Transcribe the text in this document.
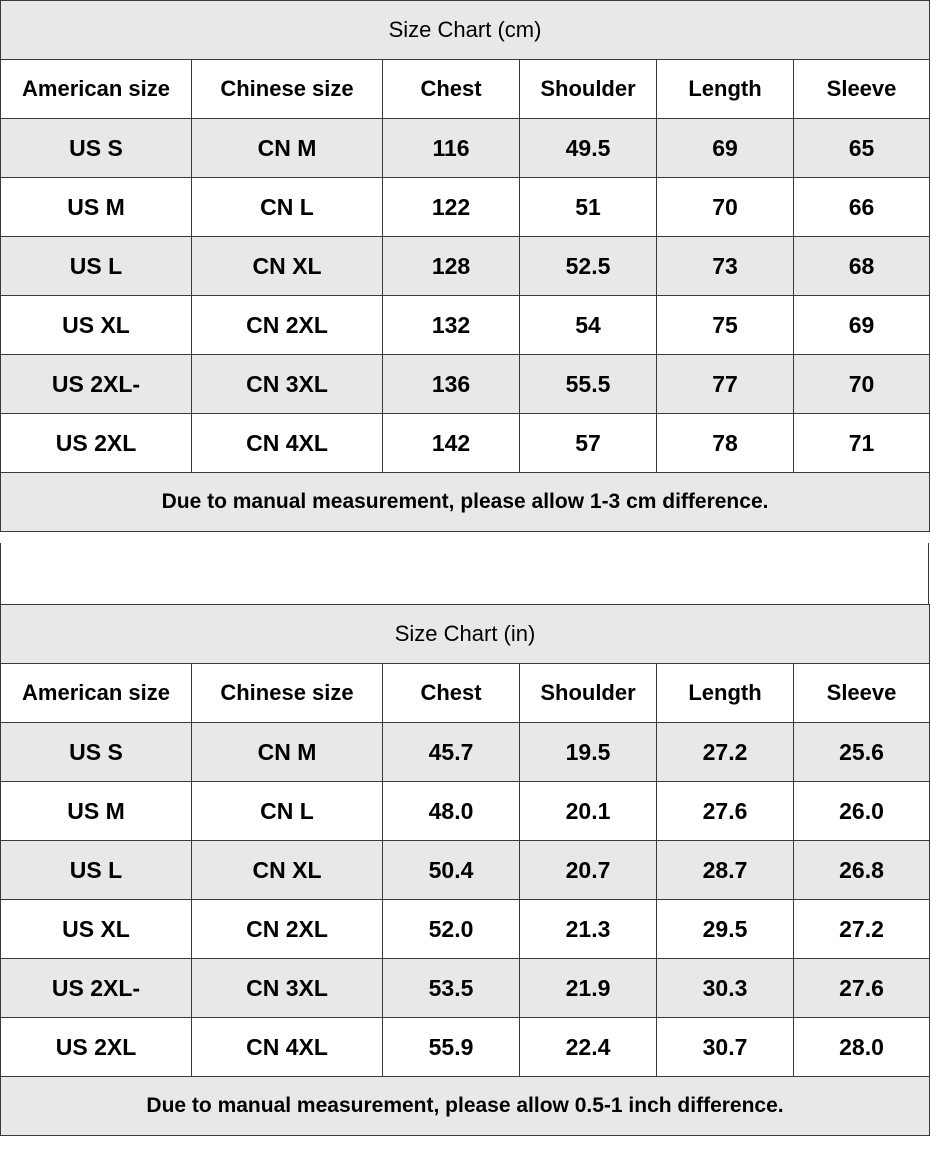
Size Chart (cm)					
American size	Chinese size	Chest	Shoulder	Length	Sleeve
US S	CN M	116	49.5	69	65
US M	CN L	122	51	70	66
US L	CN XL	128	52.5	73	68
US XL	CN 2XL	132	54	75	69
US 2XL-	CN 3XL	136	55.5	77	70
US 2XL	CN 4XL	142	57	78	71
Due to manual measurement, please allow 1-3 cm difference.					
Size Chart (in)					
American size	Chinese size	Chest	Shoulder	Length	Sleeve
US S	CN M	45.7	19.5	27.2	25.6
US M	CN L	48.0	20.1	27.6	26.0
US L	CN XL	50.4	20.7	28.7	26.8
US XL	CN 2XL	52.0	21.3	29.5	27.2
US 2XL-	CN 3XL	53.5	21.9	30.3	27.6
US 2XL	CN 4XL	55.9	22.4	30.7	28.0
Due to manual measurement, please allow 0.5-1 inch difference.					
